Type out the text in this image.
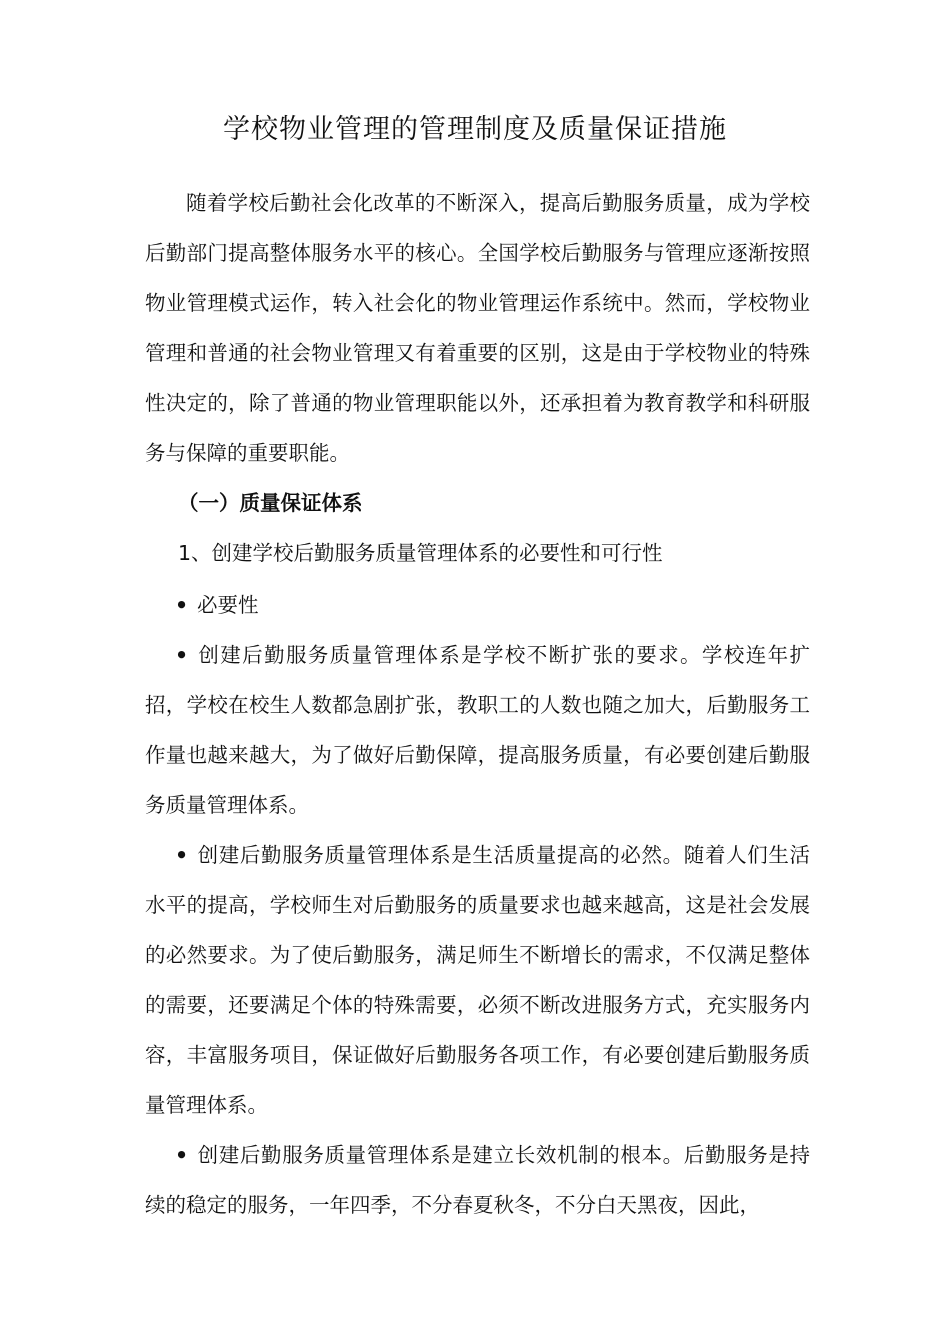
学校物业管理的管理制度及质量保证措施
随着学校后勤社会化改革的不断深入，提高后勤服务质量，成为学校后勤部门提高整体服务水平的核心。全国学校后勤服务与管理应逐渐按照物业管理模式运作，转入社会化的物业管理运作系统中。然而，学校物业管理和普通的社会物业管理又有着重要的区别，这是由于学校物业的特殊性决定的，除了普通的物业管理职能以外，还承担着为教育教学和科研服务与保障的重要职能。
（一）质量保证体系
1、创建学校后勤服务质量管理体系的必要性和可行性
• 必要性
• 创建后勤服务质量管理体系是学校不断扩张的要求。学校连年扩招，学校在校生人数都急剧扩张，教职工的人数也随之加大，后勤服务工作量也越来越大，为了做好后勤保障，提高服务质量，有必要创建后勤服务质量管理体系。
• 创建后勤服务质量管理体系是生活质量提高的必然。随着人们生活水平的提高，学校师生对后勤服务的质量要求也越来越高，这是社会发展的必然要求。为了使后勤服务，满足师生不断增长的需求，不仅满足整体的需要，还要满足个体的特殊需要，必须不断改进服务方式，充实服务内容，丰富服务项目，保证做好后勤服务各项工作，有必要创建后勤服务质量管理体系。
• 创建后勤服务质量管理体系是建立长效机制的根本。后勤服务是持续的稳定的服务，一年四季，不分春夏秋冬，不分白天黑夜，因此，
